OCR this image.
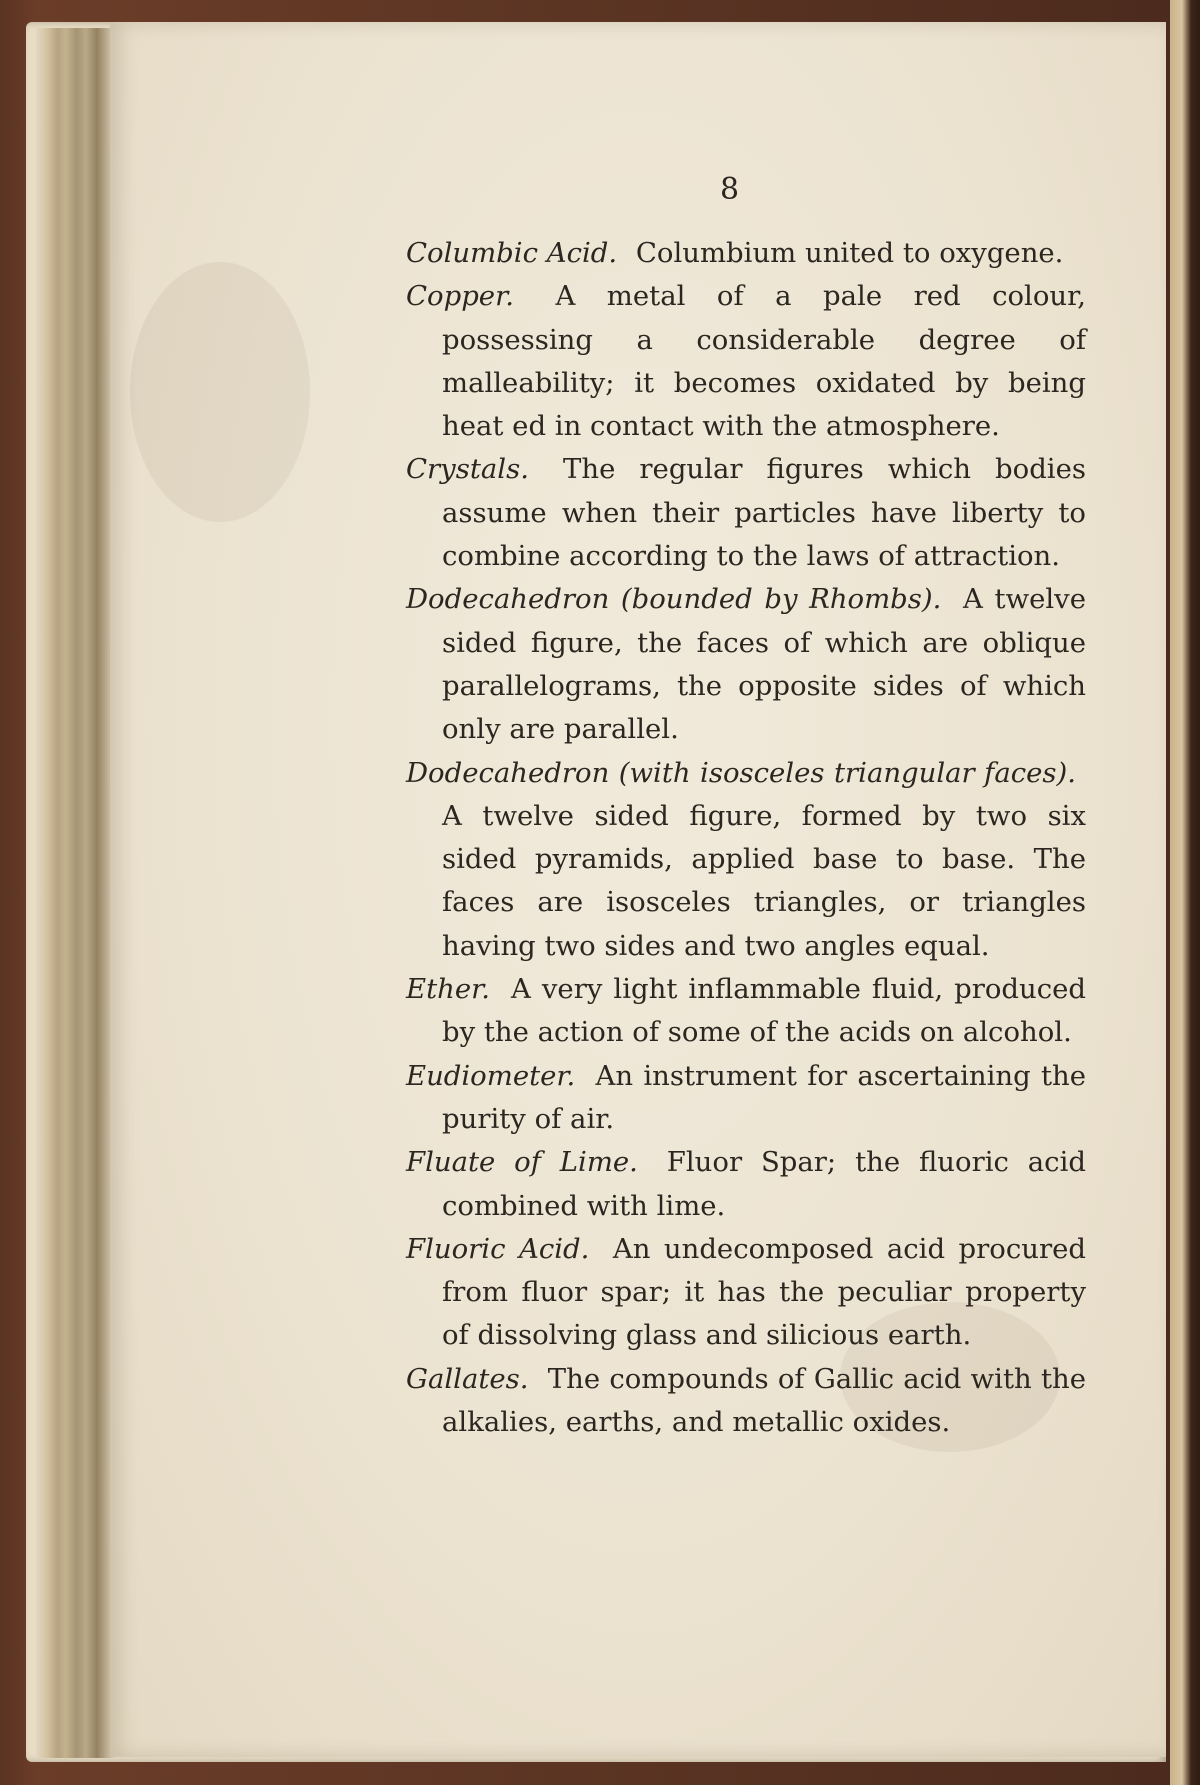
8
Columbic Acid. Columbium united to oxygene.
Copper. A metal of a pale red colour, possessing a considerable degree of malleability; it becomes oxidated by being heat ed in contact with the atmosphere.
Crystals. The regular figures which bodies assume when their particles have liberty to combine according to the laws of attraction.
Dodecahedron (bounded by Rhombs). A twelve sided figure, the faces of which are oblique parallelograms, the opposite sides of which only are parallel.
Dodecahedron (with isosceles triangular faces). A twelve sided figure, formed by two six sided pyramids, applied base to base. The faces are isosceles triangles, or triangles having two sides and two angles equal.
Ether. A very light inflammable fluid, produced by the action of some of the acids on alcohol.
Eudiometer. An instrument for ascertaining the purity of air.
Fluate of Lime. Fluor Spar; the fluoric acid combined with lime.
Fluoric Acid. An undecomposed acid procured from fluor spar; it has the peculiar property of dissolving glass and silicious earth.
Gallates. The compounds of Gallic acid with the alkalies, earths, and metallic oxides.
